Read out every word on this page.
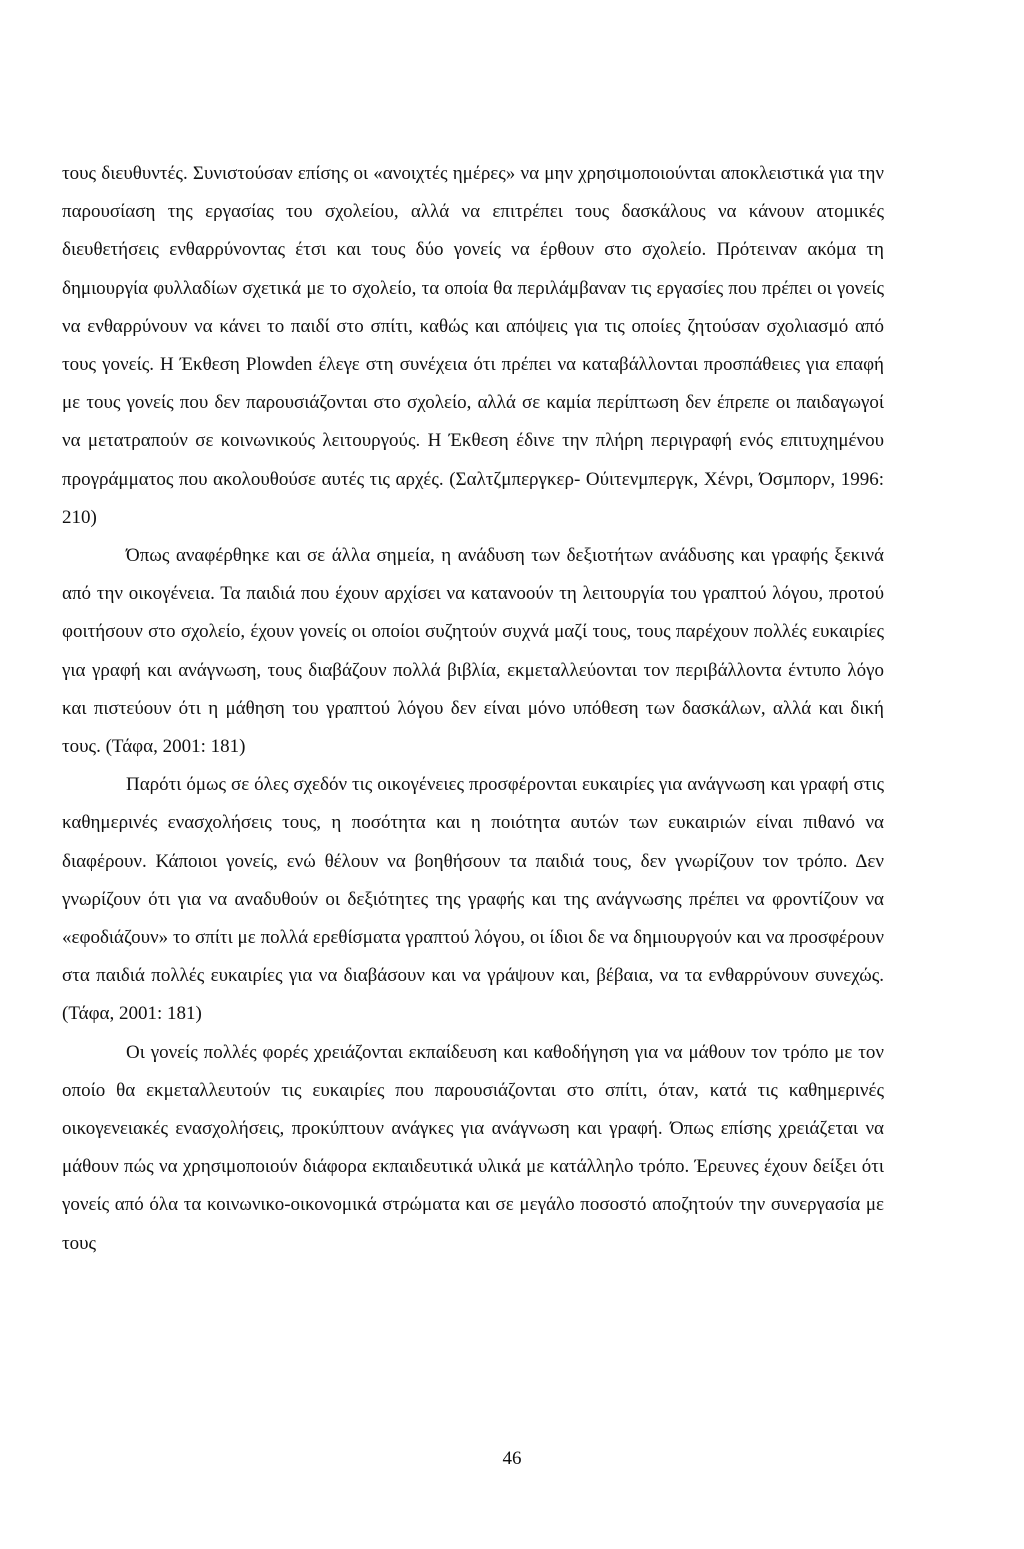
τους διευθυντές. Συνιστούσαν επίσης οι «ανοιχτές ημέρες» να μην χρησιμοποιούνται αποκλειστικά για την παρουσίαση της εργασίας του σχολείου, αλλά να επιτρέπει τους δασκάλους να κάνουν ατομικές διευθετήσεις ενθαρρύνοντας έτσι και τους δύο γονείς να έρθουν στο σχολείο. Πρότειναν ακόμα τη δημιουργία φυλλαδίων σχετικά με το σχολείο, τα οποία θα περιλάμβαναν τις εργασίες που πρέπει οι γονείς να ενθαρρύνουν να κάνει το παιδί στο σπίτι, καθώς και απόψεις για τις οποίες ζητούσαν σχολιασμό από τους γονείς. Η Έκθεση Plowden έλεγε στη συνέχεια ότι πρέπει να καταβάλλονται προσπάθειες για επαφή με τους γονείς που δεν παρουσιάζονται στο σχολείο, αλλά σε καμία περίπτωση δεν έπρεπε οι παιδαγωγοί να μετατραπούν σε κοινωνικούς λειτουργούς. Η Έκθεση έδινε την πλήρη περιγραφή ενός επιτυχημένου προγράμματος που ακολουθούσε αυτές τις αρχές. (Σαλτζμπεργκερ- Ούιτενμπεργκ, Χένρι, Όσμπορν, 1996: 210)

Όπως αναφέρθηκε και σε άλλα σημεία, η ανάδυση των δεξιοτήτων ανάδυσης και γραφής ξεκινά από την οικογένεια. Τα παιδιά που έχουν αρχίσει να κατανοούν τη λειτουργία του γραπτού λόγου, προτού φοιτήσουν στο σχολείο, έχουν γονείς οι οποίοι συζητούν συχνά μαζί τους, τους παρέχουν πολλές ευκαιρίες για γραφή και ανάγνωση, τους διαβάζουν πολλά βιβλία, εκμεταλλεύονται τον περιβάλλοντα έντυπο λόγο και πιστεύουν ότι η μάθηση του γραπτού λόγου δεν είναι μόνο υπόθεση των δασκάλων, αλλά και δική τους. (Τάφα, 2001: 181)

Παρότι όμως σε όλες σχεδόν τις οικογένειες προσφέρονται ευκαιρίες για ανάγνωση και γραφή στις καθημερινές ενασχολήσεις τους, η ποσότητα και η ποιότητα αυτών των ευκαιριών είναι πιθανό να διαφέρουν. Κάποιοι γονείς, ενώ θέλουν να βοηθήσουν τα παιδιά τους, δεν γνωρίζουν τον τρόπο. Δεν γνωρίζουν ότι για να αναδυθούν οι δεξιότητες της γραφής και της ανάγνωσης πρέπει να φροντίζουν να «εφοδιάζουν» το σπίτι με πολλά ερεθίσματα γραπτού λόγου, οι ίδιοι δε να δημιουργούν και να προσφέρουν στα παιδιά πολλές ευκαιρίες για να διαβάσουν και να γράψουν και, βέβαια, να τα ενθαρρύνουν συνεχώς. (Τάφα, 2001: 181)

Οι γονείς πολλές φορές χρειάζονται εκπαίδευση και καθοδήγηση για να μάθουν τον τρόπο με τον οποίο θα εκμεταλλευτούν τις ευκαιρίες που παρουσιάζονται στο σπίτι, όταν, κατά τις καθημερινές οικογενειακές ενασχολήσεις, προκύπτουν ανάγκες για ανάγνωση και γραφή. Όπως επίσης χρειάζεται να μάθουν πώς να χρησιμοποιούν διάφορα εκπαιδευτικά υλικά με κατάλληλο τρόπο. Έρευνες έχουν δείξει ότι γονείς από όλα τα κοινωνικο-οικονομικά στρώματα και σε μεγάλο ποσοστό αποζητούν την συνεργασία με τους

46
